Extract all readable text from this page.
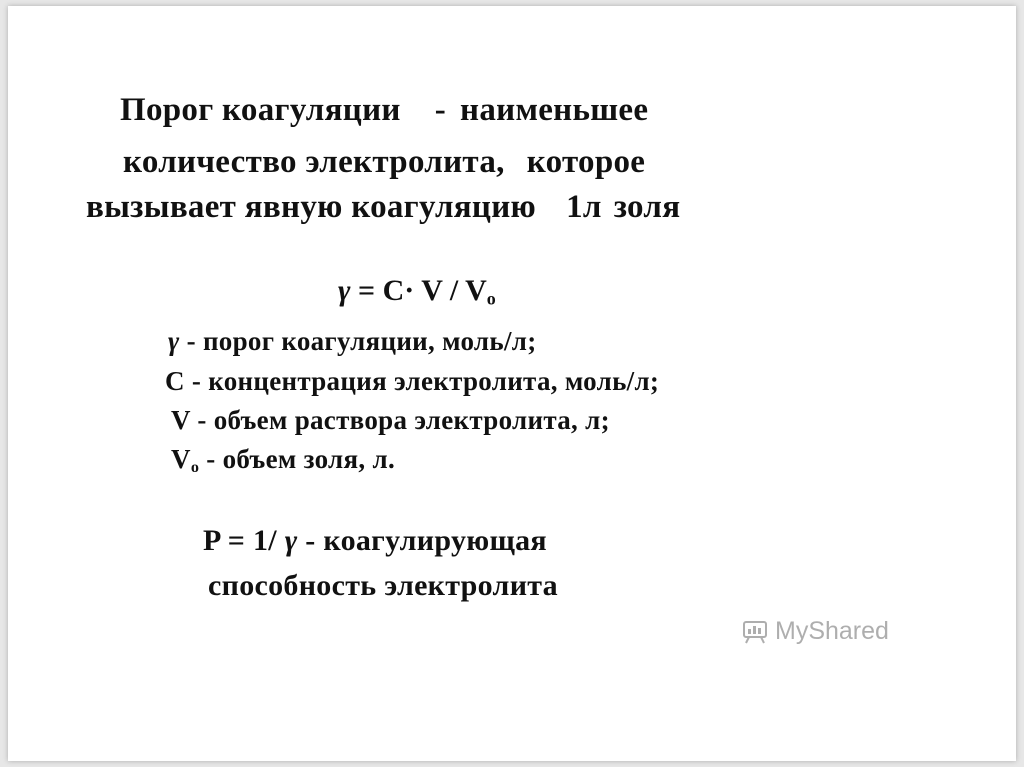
Порог коагуляции - наименьшее
количество электролита, которое
вызывает явную коагуляцию 1л золя
$\gamma = C\cdot V / V_o$
γ - порог коагуляции, моль/л;
C - концентрация электролита, моль/л;
V - объем раствора электролита, л;
$V_o$ - объем золя, л.
P = 1/ γ - коагулирующая
способность электролита
MyShared
